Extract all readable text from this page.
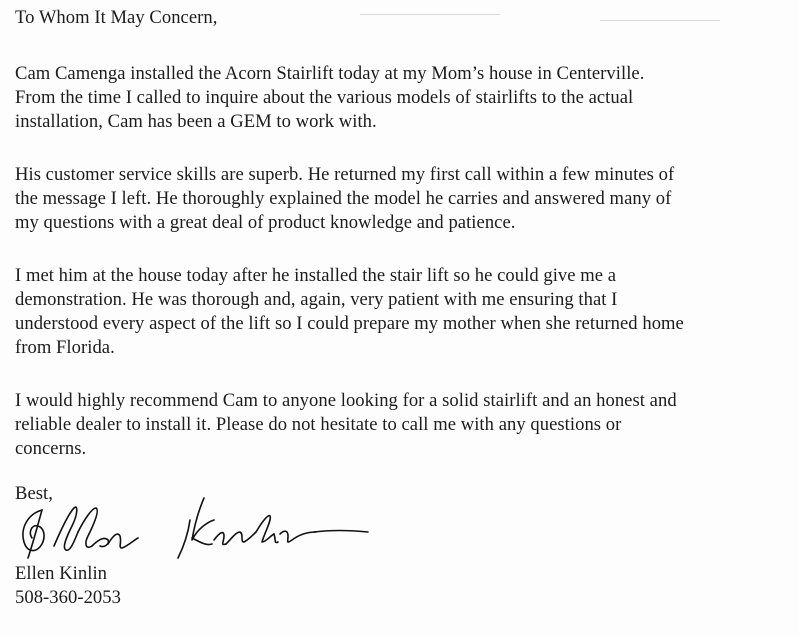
To Whom It May Concern,
Cam Camenga installed the Acorn Stairlift today at my Mom’s house in Centerville.
From the time I called to inquire about the various models of stairlifts to the actual
installation, Cam has been a GEM to work with.
His customer service skills are superb. He returned my first call within a few minutes of
the message I left. He thoroughly explained the model he carries and answered many of
my questions with a great deal of product knowledge and patience.
I met him at the house today after he installed the stair lift so he could give me a
demonstration. He was thorough and, again, very patient with me ensuring that I
understood every aspect of the lift so I could prepare my mother when she returned home
from Florida.
I would highly recommend Cam to anyone looking for a solid stairlift and an honest and
reliable dealer to install it. Please do not hesitate to call me with any questions or
concerns.
Best,
Ellen Kinlin
508-360-2053
